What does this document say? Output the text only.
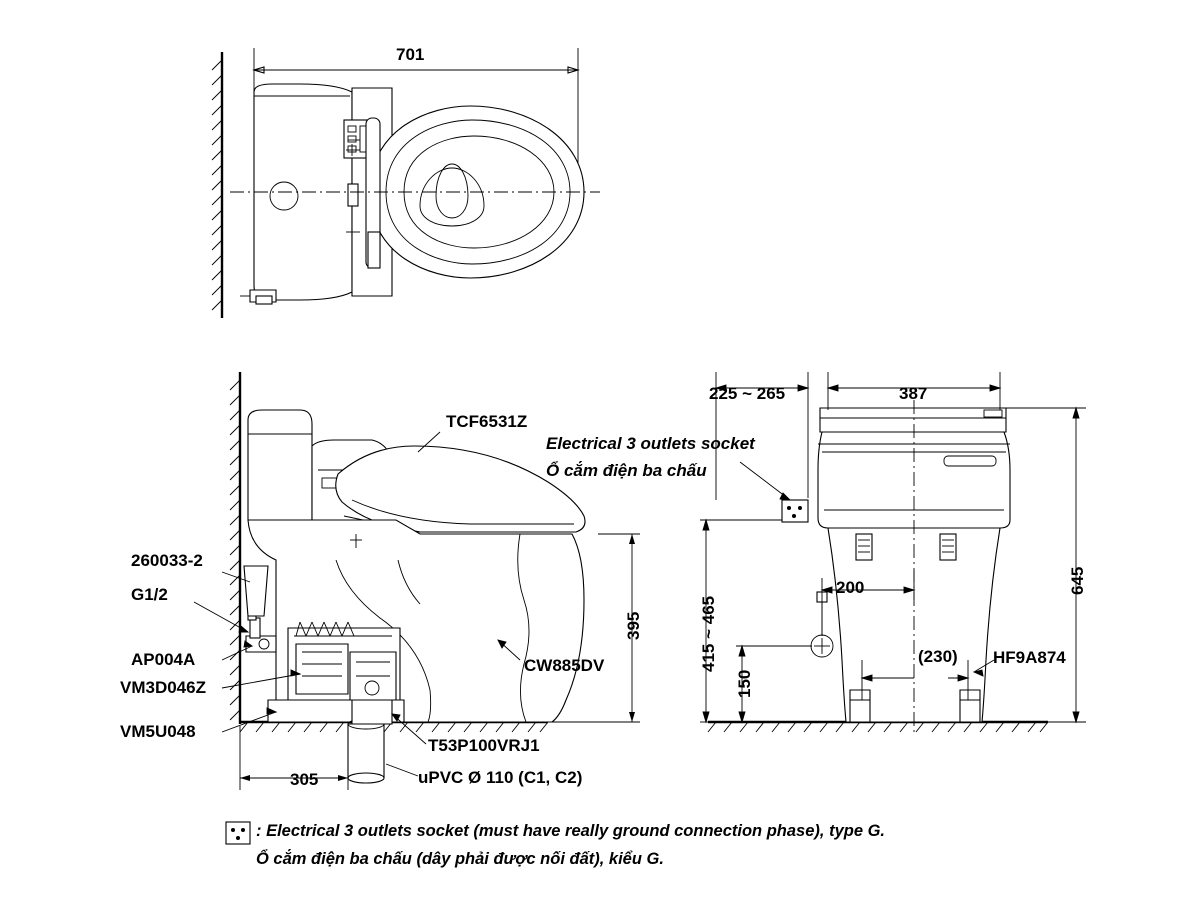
701
TCF6531Z
Electrical 3 outlets socket
Ổ cắm điện ba chấu
260033-2
G1/2
AP004A
VM3D046Z
VM5U048
T53P100VRJ1
uPVC Ø 110 (C1, C2)
CW885DV
395
305
387
225 ~ 265
415 ~ 465
645
200
150
(230) HF9A874
: Electrical 3 outlets socket (must have really ground connection phase), type G.
Ổ cắm điện ba chấu (dây phải được nối đất), kiểu G.
